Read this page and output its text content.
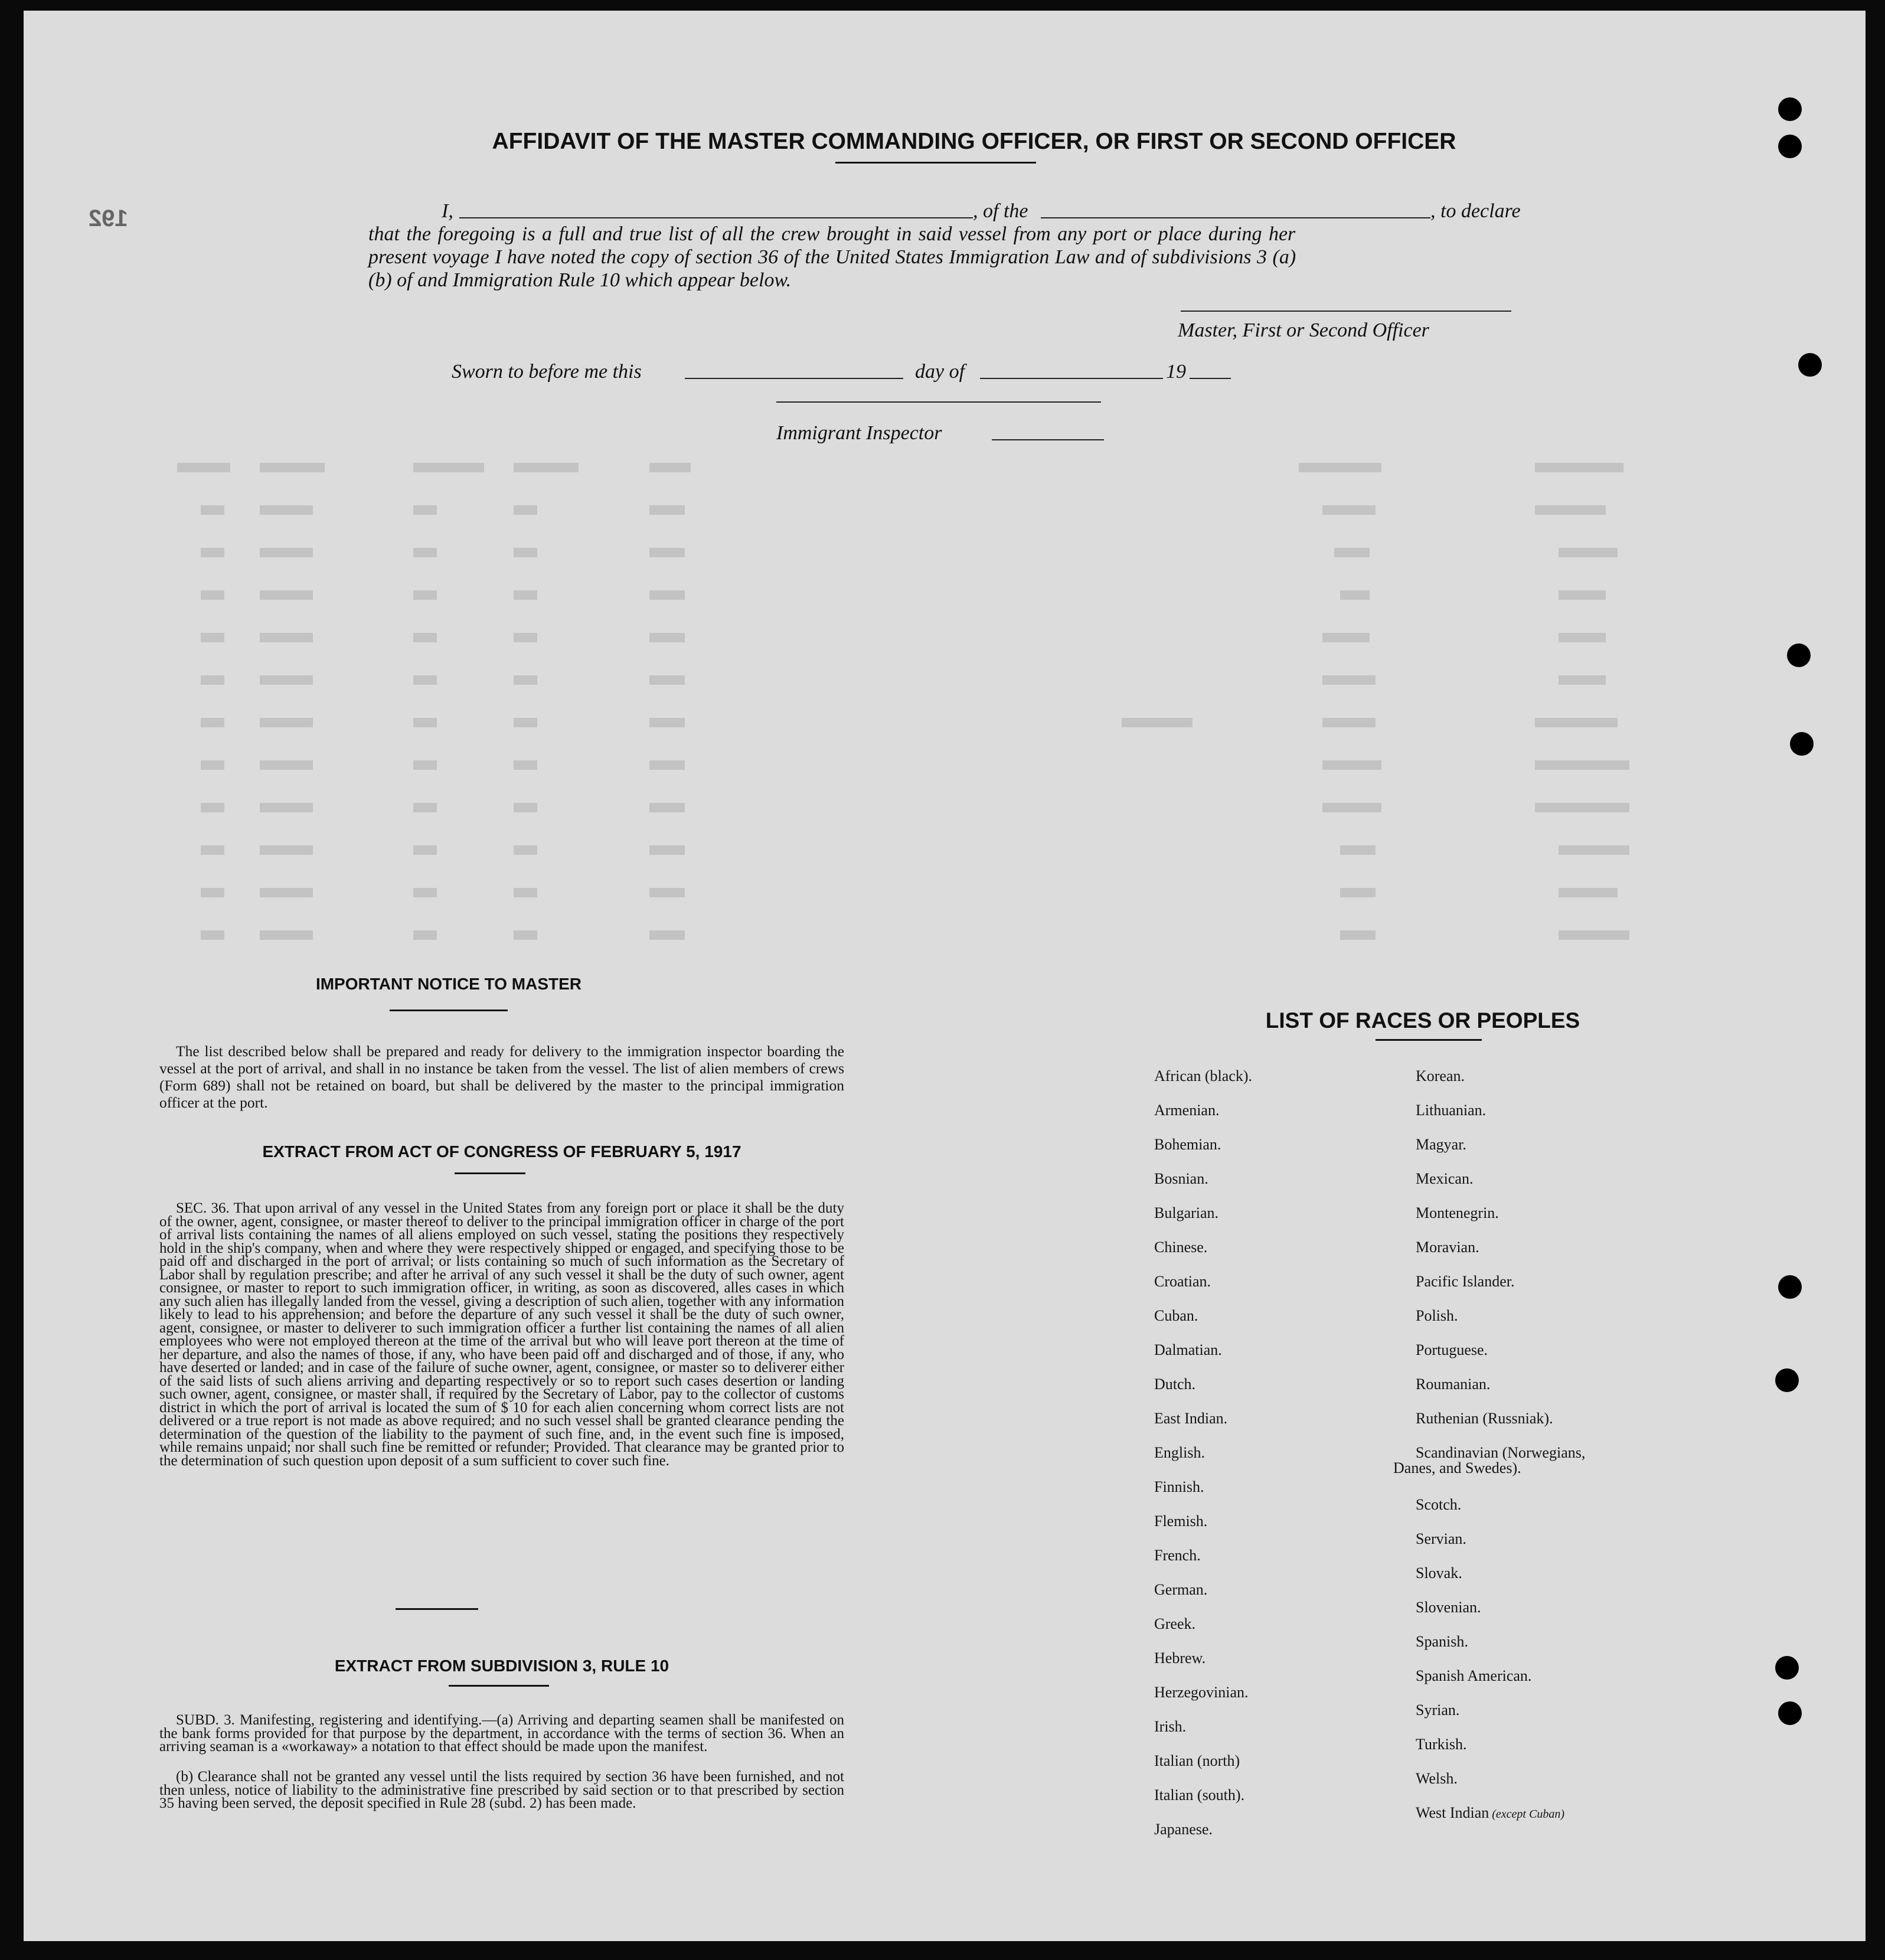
192
AFFIDAVIT OF THE MASTER COMMANDING OFFICER, OR FIRST OR SECOND OFFICER
I,	, of the	, to declare
that the foregoing is a full and true list of all the crew brought in said vessel from any port or place during her
present voyage I have noted the copy of section 36 of the United States Immigration Law and of subdivisions 3 (a)
(b) of and Immigration Rule 10 which appear below.
Master, First or Second Officer
Sworn to before me this	day of	19
Immigrant Inspector
IMPORTANT NOTICE TO MASTER
The list described below shall be prepared and ready for delivery to the immigration inspector boarding the vessel at the port of arrival, and shall in no instance be taken from the vessel. The list of alien members of crews (Form 689) shall not be retained on board, but shall be delivered by the master to the principal immigration officer at the port.
EXTRACT FROM ACT OF CONGRESS OF FEBRUARY 5, 1917
SEC. 36. That upon arrival of any vessel in the United States from any foreign port or place it shall be the duty of the owner, agent, consignee, or master thereof to deliver to the principal immigration officer in charge of the port of arrival lists containing the names of all aliens employed on such vessel, stating the positions they respectively hold in the ship's company, when and where they were respectively shipped or engaged, and specifying those to be paid off and discharged in the port of arrival; or lists containing so much of such information as the Secretary of Labor shall by regulation prescribe; and after he arrival of any such vessel it shall be the duty of such owner, agent consignee, or master to report to such immigration officer, in writing, as soon as discovered, alles cases in which any such alien has illegally landed from the vessel, giving a description of such alien, together with any information likely to lead to his apprehension; and before the departure of any such vessel it shall be the duty of such owner, agent, consignee, or master to deliverer to such immigration officer a further list containing the names of all alien employees who were not employed thereon at the time of the arrival but who will leave port thereon at the time of her departure, and also the names of those, if any, who have been paid off and discharged and of those, if any, who have deserted or landed; and in case of the failure of suche owner, agent, consignee, or master so to deliverer either of the said lists of such aliens arriving and departing respectively or so to report such cases desertion or landing such owner, agent, consignee, or master shall, if required by the Secretary of Labor, pay to the collector of customs district in which the port of arrival is located the sum of $ 10 for each alien concerning whom correct lists are not delivered or a true report is not made as above required; and no such vessel shall be granted clearance pending the determination of the question of the liability to the payment of such fine, and, in the event such fine is imposed, while remains unpaid; nor shall such fine be remitted or refunder; Provided. That clearance may be granted prior to the determination of such question upon deposit of a sum sufficient to cover such fine.
EXTRACT FROM SUBDIVISION 3, RULE 10
SUBD. 3. Manifesting, registering and identifying.—(a) Arriving and departing seamen shall be manifested on the bank forms provided for that purpose by the department, in accordance with the terms of section 36. When an arriving seaman is a «workaway» a notation to that effect should be made upon the manifest.
(b) Clearance shall not be granted any vessel until the lists required by section 36 have been furnished, and not then unless, notice of liability to the administrative fine prescribed by said section or to that prescribed by section 35 having been served, the deposit specified in Rule 28 (subd. 2) has been made.
LIST OF RACES OR PEOPLES
Danes, and Swedes).
African (black).
Armenian.
Bohemian.
Bosnian.
Bulgarian.
Chinese.
Croatian.
Cuban.
Dalmatian.
Dutch.
East Indian.
English.
Finnish.
Flemish.
French.
German.
Greek.
Hebrew.
Herzegovinian.
Irish.
Italian (north)
Italian (south).
Japanese.
Korean.
Lithuanian.
Magyar.
Mexican.
Montenegrin.
Moravian.
Pacific Islander.
Polish.
Portuguese.
Roumanian.
Ruthenian (Russniak).
Scandinavian (Norwegians,
Scotch.
Servian.
Slovak.
Slovenian.
Spanish.
Spanish American.
Syrian.
Turkish.
Welsh.
West Indian (except Cuban)
